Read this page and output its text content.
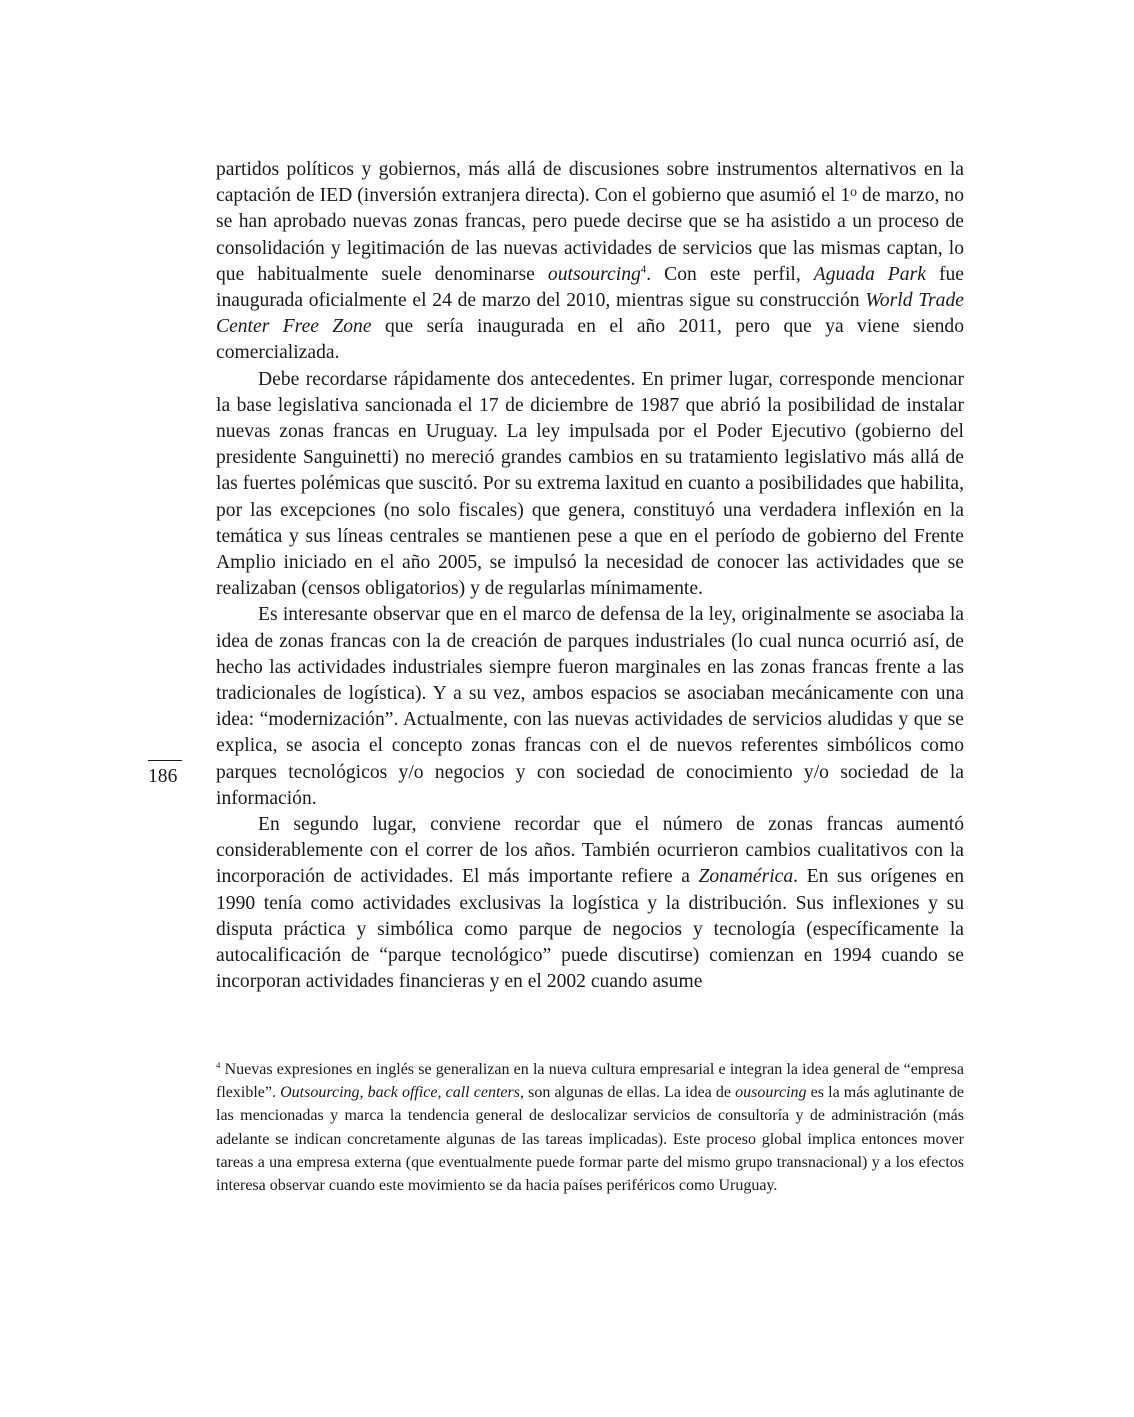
partidos políticos y gobiernos, más allá de discusiones sobre instrumentos alternativos en la captación de IED (inversión extranjera directa). Con el gobierno que asumió el 1$^o$ de marzo, no se han aprobado nuevas zonas francas, pero puede decirse que se ha asistido a un proceso de consolidación y legitimación de las nuevas actividades de servicios que las mismas captan, lo que habitualmente suele denominarse outsourcing$^4$. Con este perfil, Aguada Park fue inaugurada oficialmente el 24 de marzo del 2010, mientras sigue su construcción World Trade Center Free Zone que sería inaugurada en el año 2011, pero que ya viene siendo comercializada.

Debe recordarse rápidamente dos antecedentes. En primer lugar, corresponde mencionar la base legislativa sancionada el 17 de diciembre de 1987 que abrió la posibilidad de instalar nuevas zonas francas en Uruguay. La ley impulsada por el Poder Ejecutivo (gobierno del presidente Sanguinetti) no mereció grandes cambios en su tratamiento legislativo más allá de las fuertes polémicas que suscitó. Por su extrema laxitud en cuanto a posibilidades que habilita, por las excepciones (no solo fiscales) que genera, constituyó una verdadera inflexión en la temática y sus líneas centrales se mantienen pese a que en el período de gobierno del Frente Amplio iniciado en el año 2005, se impulsó la necesidad de conocer las actividades que se realizaban (censos obligatorios) y de regularlas mínimamente.

Es interesante observar que en el marco de defensa de la ley, originalmente se asociaba la idea de zonas francas con la de creación de parques industriales (lo cual nunca ocurrió así, de hecho las actividades industriales siempre fueron marginales en las zonas francas frente a las tradicionales de logística). Y a su vez, ambos espacios se asociaban mecánicamente con una idea: “modernización”. Actualmente, con las nuevas actividades de servicios aludidas y que se explica, se asocia el concepto zonas francas con el de nuevos referentes simbólicos como parques tecnológicos y/o negocios y con sociedad de conocimiento y/o sociedad de la información.

En segundo lugar, conviene recordar que el número de zonas francas aumentó considerablemente con el correr de los años. También ocurrieron cambios cualitativos con la incorporación de actividades. El más importante refiere a Zonamérica. En sus orígenes en 1990 tenía como actividades exclusivas la logística y la distribución. Sus inflexiones y su disputa práctica y simbólica como parque de negocios y tecnología (específicamente la autocalificación de “parque tecnológico” puede discutirse) comienzan en 1994 cuando se incorporan actividades financieras y en el 2002 cuando asume

186

$^4$ Nuevas expresiones en inglés se generalizan en la nueva cultura empresarial e integran la idea general de “empresa flexible”. Outsourcing, back office, call centers, son algunas de ellas. La idea de ousourcing es la más aglutinante de las mencionadas y marca la tendencia general de deslocalizar servicios de consultoría y de administración (más adelante se indican concretamente algunas de las tareas implicadas). Este proceso global implica entonces mover tareas a una empresa externa (que eventualmente puede formar parte del mismo grupo transnacional) y a los efectos interesa observar cuando este movimiento se da hacia países periféricos como Uruguay.
